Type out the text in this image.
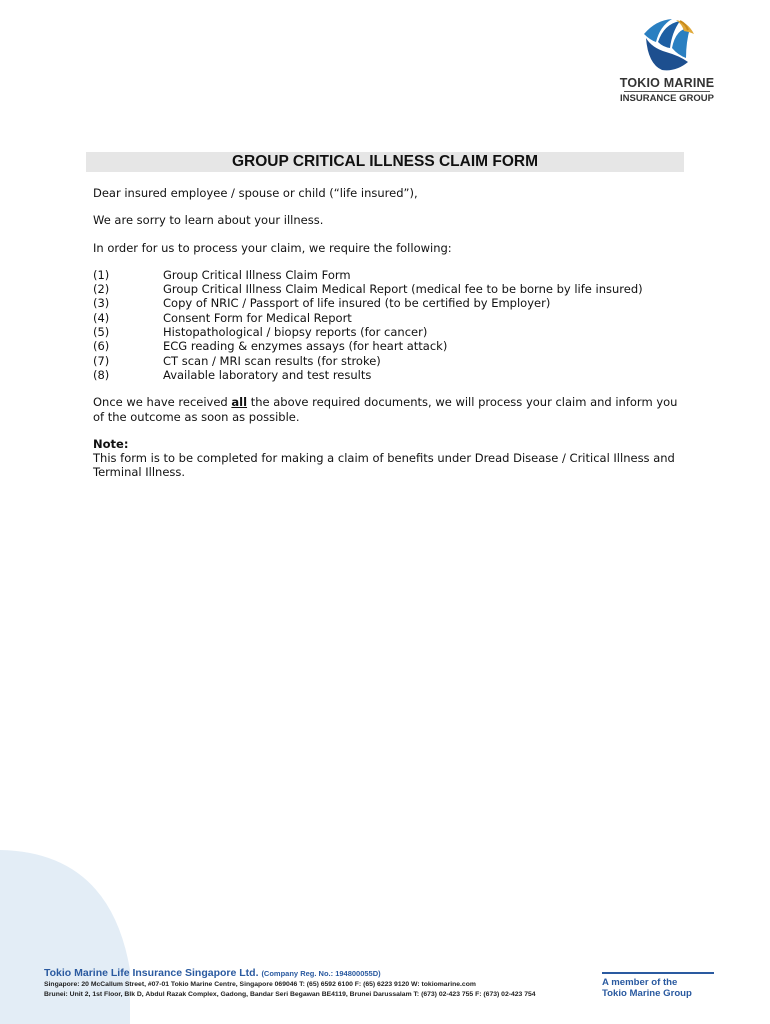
TOKIO MARINE
INSURANCE GROUP
GROUP CRITICAL ILLNESS CLAIM FORM
Dear insured employee / spouse or child (“life insured”),
We are sorry to learn about your illness.
In order for us to process your claim, we require the following:
(1)	Group Critical Illness Claim Form
(2)	Group Critical Illness Claim Medical Report (medical fee to be borne by life insured)
(3)	Copy of NRIC / Passport of life insured (to be certified by Employer)
(4)	Consent Form for Medical Report
(5)	Histopathological / biopsy reports (for cancer)
(6)	ECG reading & enzymes assays (for heart attack)
(7)	CT scan / MRI scan results (for stroke)
(8)	Available laboratory and test results
Once we have received all the above required documents, we will process your claim and inform you of the outcome as soon as possible.
Note:
This form is to be completed for making a claim of benefits under Dread Disease / Critical Illness and Terminal Illness.
Tokio Marine Life Insurance Singapore Ltd. (Company Reg. No.: 194800055D)
Singapore: 20 McCallum Street, #07-01 Tokio Marine Centre, Singapore 069046 T: (65) 6592 6100 F: (65) 6223 9120 W: tokiomarine.com
Brunei: Unit 2, 1st Floor, Blk D, Abdul Razak Complex, Gadong, Bandar Seri Begawan BE4119, Brunei Darussalam T: (673) 02-423 755 F: (673) 02-423 754
A member of the
Tokio Marine Group
